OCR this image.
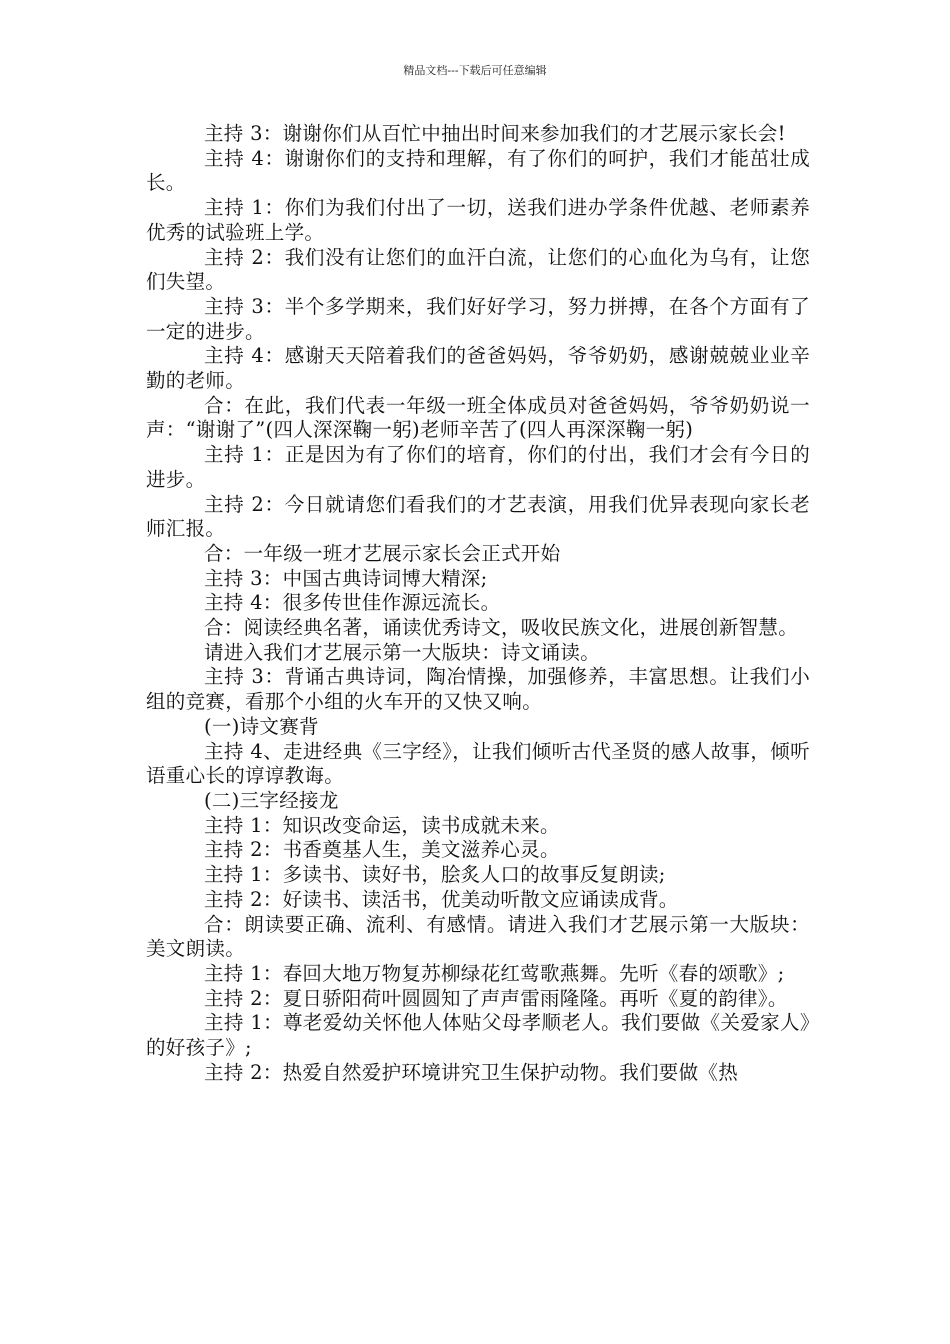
精品文档---下载后可任意编辑

主持 3：谢谢你们从百忙中抽出时间来参加我们的才艺展示家长会!

主持 4：谢谢你们的支持和理解，有了你们的呵护，我们才能茁壮成长。

主持 1：你们为我们付出了一切，送我们进办学条件优越、老师素养优秀的试验班上学。

主持 2：我们没有让您们的血汗白流，让您们的心血化为乌有，让您们失望。

主持 3：半个多学期来，我们好好学习，努力拼搏，在各个方面有了一定的进步。

主持 4：感谢天天陪着我们的爸爸妈妈，爷爷奶奶，感谢兢兢业业辛勤的老师。

合：在此，我们代表一年级一班全体成员对爸爸妈妈，爷爷奶奶说一声：“谢谢了”(四人深深鞠一躬)老师辛苦了(四人再深深鞠一躬)

主持 1：正是因为有了你们的培育，你们的付出，我们才会有今日的进步。

主持 2：今日就请您们看我们的才艺表演，用我们优异表现向家长老师汇报。

合：一年级一班才艺展示家长会正式开始

主持 3：中国古典诗词博大精深;

主持 4：很多传世佳作源远流长。

合：阅读经典名著，诵读优秀诗文，吸收民族文化，进展创新智慧。

请进入我们才艺展示第一大版块：诗文诵读。

主持 3：背诵古典诗词，陶冶情操，加强修养，丰富思想。让我们小组的竞赛，看那个小组的火车开的又快又响。

(一)诗文赛背

主持 4、走进经典《三字经》，让我们倾听古代圣贤的感人故事，倾听语重心长的谆谆教诲。

(二)三字经接龙

主持 1：知识改变命运，读书成就未来。

主持 2：书香奠基人生，美文滋养心灵。

主持 1：多读书、读好书，脍炙人口的故事反复朗读;

主持 2：好读书、读活书，优美动听散文应诵读成背。

合：朗读要正确、流利、有感情。请进入我们才艺展示第一大版块：美文朗读。

主持 1：春回大地万物复苏柳绿花红莺歌燕舞。先听《春的颂歌》;

主持 2：夏日骄阳荷叶圆圆知了声声雷雨隆隆。再听《夏的韵律》。

主持 1：尊老爱幼关怀他人体贴父母孝顺老人。我们要做《关爱家人》的好孩子》;

主持 2：热爱自然爱护环境讲究卫生保护动物。我们要做《热
